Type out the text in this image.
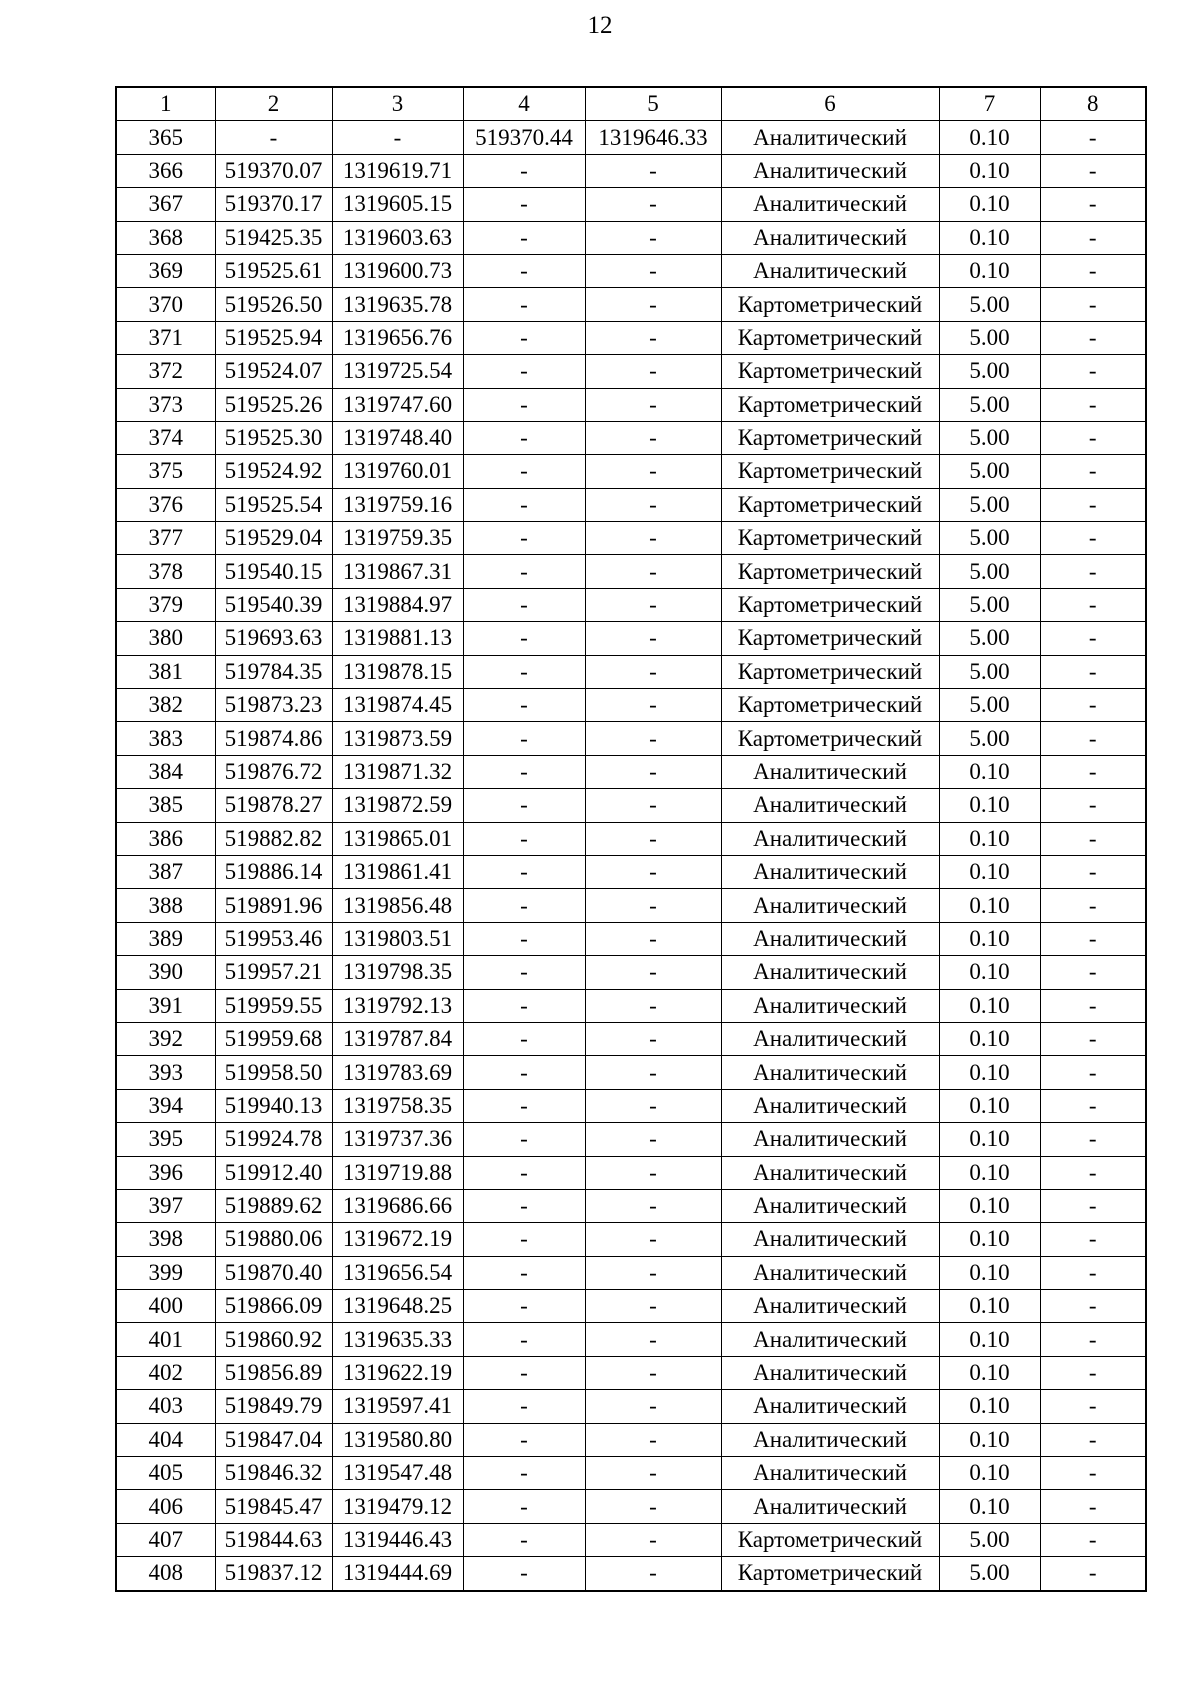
12
1	2	3	4	5	6	7	8
365	-	-	519370.44	1319646.33	Аналитический	0.10	-
366	519370.07	1319619.71	-	-	Аналитический	0.10	-
367	519370.17	1319605.15	-	-	Аналитический	0.10	-
368	519425.35	1319603.63	-	-	Аналитический	0.10	-
369	519525.61	1319600.73	-	-	Аналитический	0.10	-
370	519526.50	1319635.78	-	-	Картометрический	5.00	-
371	519525.94	1319656.76	-	-	Картометрический	5.00	-
372	519524.07	1319725.54	-	-	Картометрический	5.00	-
373	519525.26	1319747.60	-	-	Картометрический	5.00	-
374	519525.30	1319748.40	-	-	Картометрический	5.00	-
375	519524.92	1319760.01	-	-	Картометрический	5.00	-
376	519525.54	1319759.16	-	-	Картометрический	5.00	-
377	519529.04	1319759.35	-	-	Картометрический	5.00	-
378	519540.15	1319867.31	-	-	Картометрический	5.00	-
379	519540.39	1319884.97	-	-	Картометрический	5.00	-
380	519693.63	1319881.13	-	-	Картометрический	5.00	-
381	519784.35	1319878.15	-	-	Картометрический	5.00	-
382	519873.23	1319874.45	-	-	Картометрический	5.00	-
383	519874.86	1319873.59	-	-	Картометрический	5.00	-
384	519876.72	1319871.32	-	-	Аналитический	0.10	-
385	519878.27	1319872.59	-	-	Аналитический	0.10	-
386	519882.82	1319865.01	-	-	Аналитический	0.10	-
387	519886.14	1319861.41	-	-	Аналитический	0.10	-
388	519891.96	1319856.48	-	-	Аналитический	0.10	-
389	519953.46	1319803.51	-	-	Аналитический	0.10	-
390	519957.21	1319798.35	-	-	Аналитический	0.10	-
391	519959.55	1319792.13	-	-	Аналитический	0.10	-
392	519959.68	1319787.84	-	-	Аналитический	0.10	-
393	519958.50	1319783.69	-	-	Аналитический	0.10	-
394	519940.13	1319758.35	-	-	Аналитический	0.10	-
395	519924.78	1319737.36	-	-	Аналитический	0.10	-
396	519912.40	1319719.88	-	-	Аналитический	0.10	-
397	519889.62	1319686.66	-	-	Аналитический	0.10	-
398	519880.06	1319672.19	-	-	Аналитический	0.10	-
399	519870.40	1319656.54	-	-	Аналитический	0.10	-
400	519866.09	1319648.25	-	-	Аналитический	0.10	-
401	519860.92	1319635.33	-	-	Аналитический	0.10	-
402	519856.89	1319622.19	-	-	Аналитический	0.10	-
403	519849.79	1319597.41	-	-	Аналитический	0.10	-
404	519847.04	1319580.80	-	-	Аналитический	0.10	-
405	519846.32	1319547.48	-	-	Аналитический	0.10	-
406	519845.47	1319479.12	-	-	Аналитический	0.10	-
407	519844.63	1319446.43	-	-	Картометрический	5.00	-
408	519837.12	1319444.69	-	-	Картометрический	5.00	-
